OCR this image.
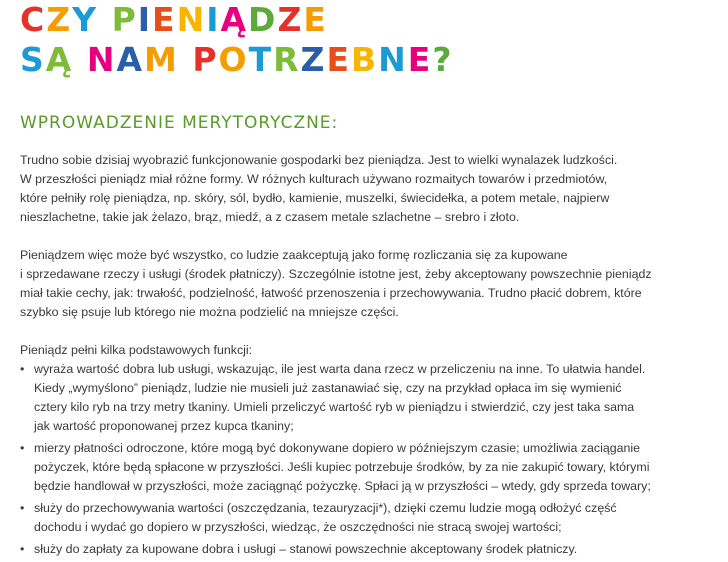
CZY PIENIĄDZE
SĄ NAM POTRZEBNE?
WPROWADZENIE MERYTORYCZNE:

Trudno sobie dzisiaj wyobrazić funkcjonowanie gospodarki bez pieniądza. Jest to wielki wynalazek ludzkości.

W przeszłości pieniądz miał różne formy. W różnych kulturach używano rozmaitych towarów i przedmiotów,

które pełniły rolę pieniądza, np. skóry, sól, bydło, kamienie, muszelki, świecidełka, a potem metale, najpierw

nieszlachetne, takie jak żelazo, brąz, miedź, a z czasem metale szlachetne – srebro i złoto.

Pieniądzem więc może być wszystko, co ludzie zaakceptują jako formę rozliczania się za kupowane

i sprzedawane rzeczy i usługi (środek płatniczy). Szczególnie istotne jest, żeby akceptowany powszechnie pieniądz

miał takie cechy, jak: trwałość, podzielność, łatwość przenoszenia i przechowywania. Trudno płacić dobrem, które

szybko się psuje lub którego nie można podzielić na mniejsze części.

Pieniądz pełni kilka podstawowych funkcji:

• wyraża wartość dobra lub usługi, wskazując, ile jest warta dana rzecz w przeliczeniu na inne. To ułatwia handel.

Kiedy „wymyślono” pieniądz, ludzie nie musieli już zastanawiać się, czy na przykład opłaca im się wymienić

cztery kilo ryb na trzy metry tkaniny. Umieli przeliczyć wartość ryb w pieniądzu i stwierdzić, czy jest taka sama

jak wartość proponowanej przez kupca tkaniny;

• mierzy płatności odroczone, które mogą być dokonywane dopiero w późniejszym czasie; umożliwia zaciąganie

pożyczek, które będą spłacone w przyszłości. Jeśli kupiec potrzebuje środków, by za nie zakupić towary, którymi

będzie handlował w przyszłości, może zaciągnąć pożyczkę. Spłaci ją w przyszłości – wtedy, gdy sprzeda towary;

• służy do przechowywania wartości (oszczędzania, tezauryzacji*), dzięki czemu ludzie mogą odłożyć część

dochodu i wydać go dopiero w przyszłości, wiedząc, że oszczędności nie stracą swojej wartości;

• służy do zapłaty za kupowane dobra i usługi – stanowi powszechnie akceptowany środek płatniczy.
